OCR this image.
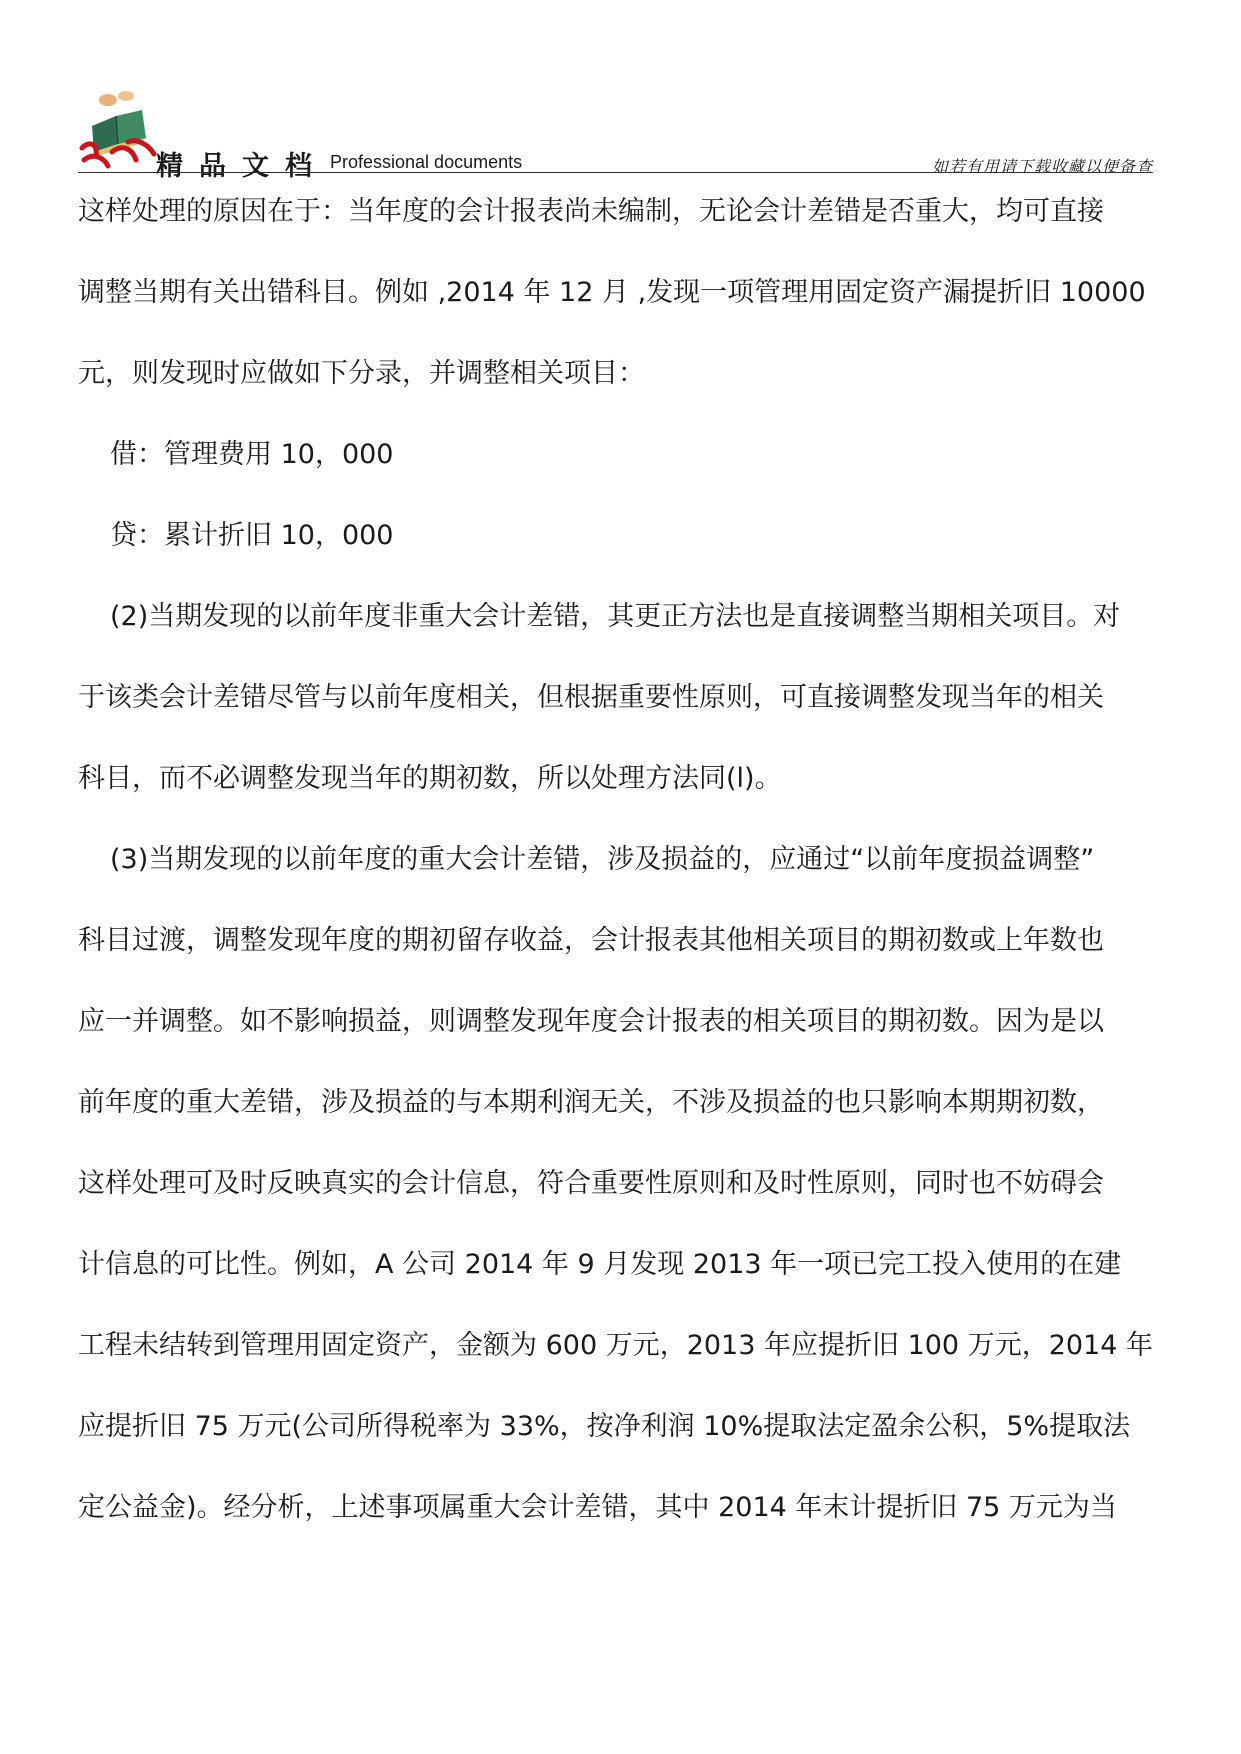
精品文档 Professional documents	如若有用请下载收藏以便备查
这样处理的原因在于：当年度的会计报表尚未编制，无论会计差错是否重大，均可直接
调整当期有关出错科目。例如 ,2014 年 12 月 ,发现一项管理用固定资产漏提折旧 10000
元，则发现时应做如下分录，并调整相关项目：
借：管理费用 10，000
贷：累计折旧 10，000
(2)当期发现的以前年度非重大会计差错，其更正方法也是直接调整当期相关项目。对
于该类会计差错尽管与以前年度相关，但根据重要性原则，可直接调整发现当年的相关
科目，而不必调整发现当年的期初数，所以处理方法同(l)。
(3)当期发现的以前年度的重大会计差错，涉及损益的，应通过“以前年度损益调整”
科目过渡，调整发现年度的期初留存收益，会计报表其他相关项目的期初数或上年数也
应一并调整。如不影响损益，则调整发现年度会计报表的相关项目的期初数。因为是以
前年度的重大差错，涉及损益的与本期利润无关，不涉及损益的也只影响本期期初数，
这样处理可及时反映真实的会计信息，符合重要性原则和及时性原则，同时也不妨碍会
计信息的可比性。例如，A 公司 2014 年 9 月发现 2013 年一项已完工投入使用的在建
工程未结转到管理用固定资产，金额为 600 万元，2013 年应提折旧 100 万元，2014 年
应提折旧 75 万元(公司所得税率为 33%，按净利润 10%提取法定盈余公积，5%提取法
定公益金)。经分析，上述事项属重大会计差错，其中 2014 年末计提折旧 75 万元为当
